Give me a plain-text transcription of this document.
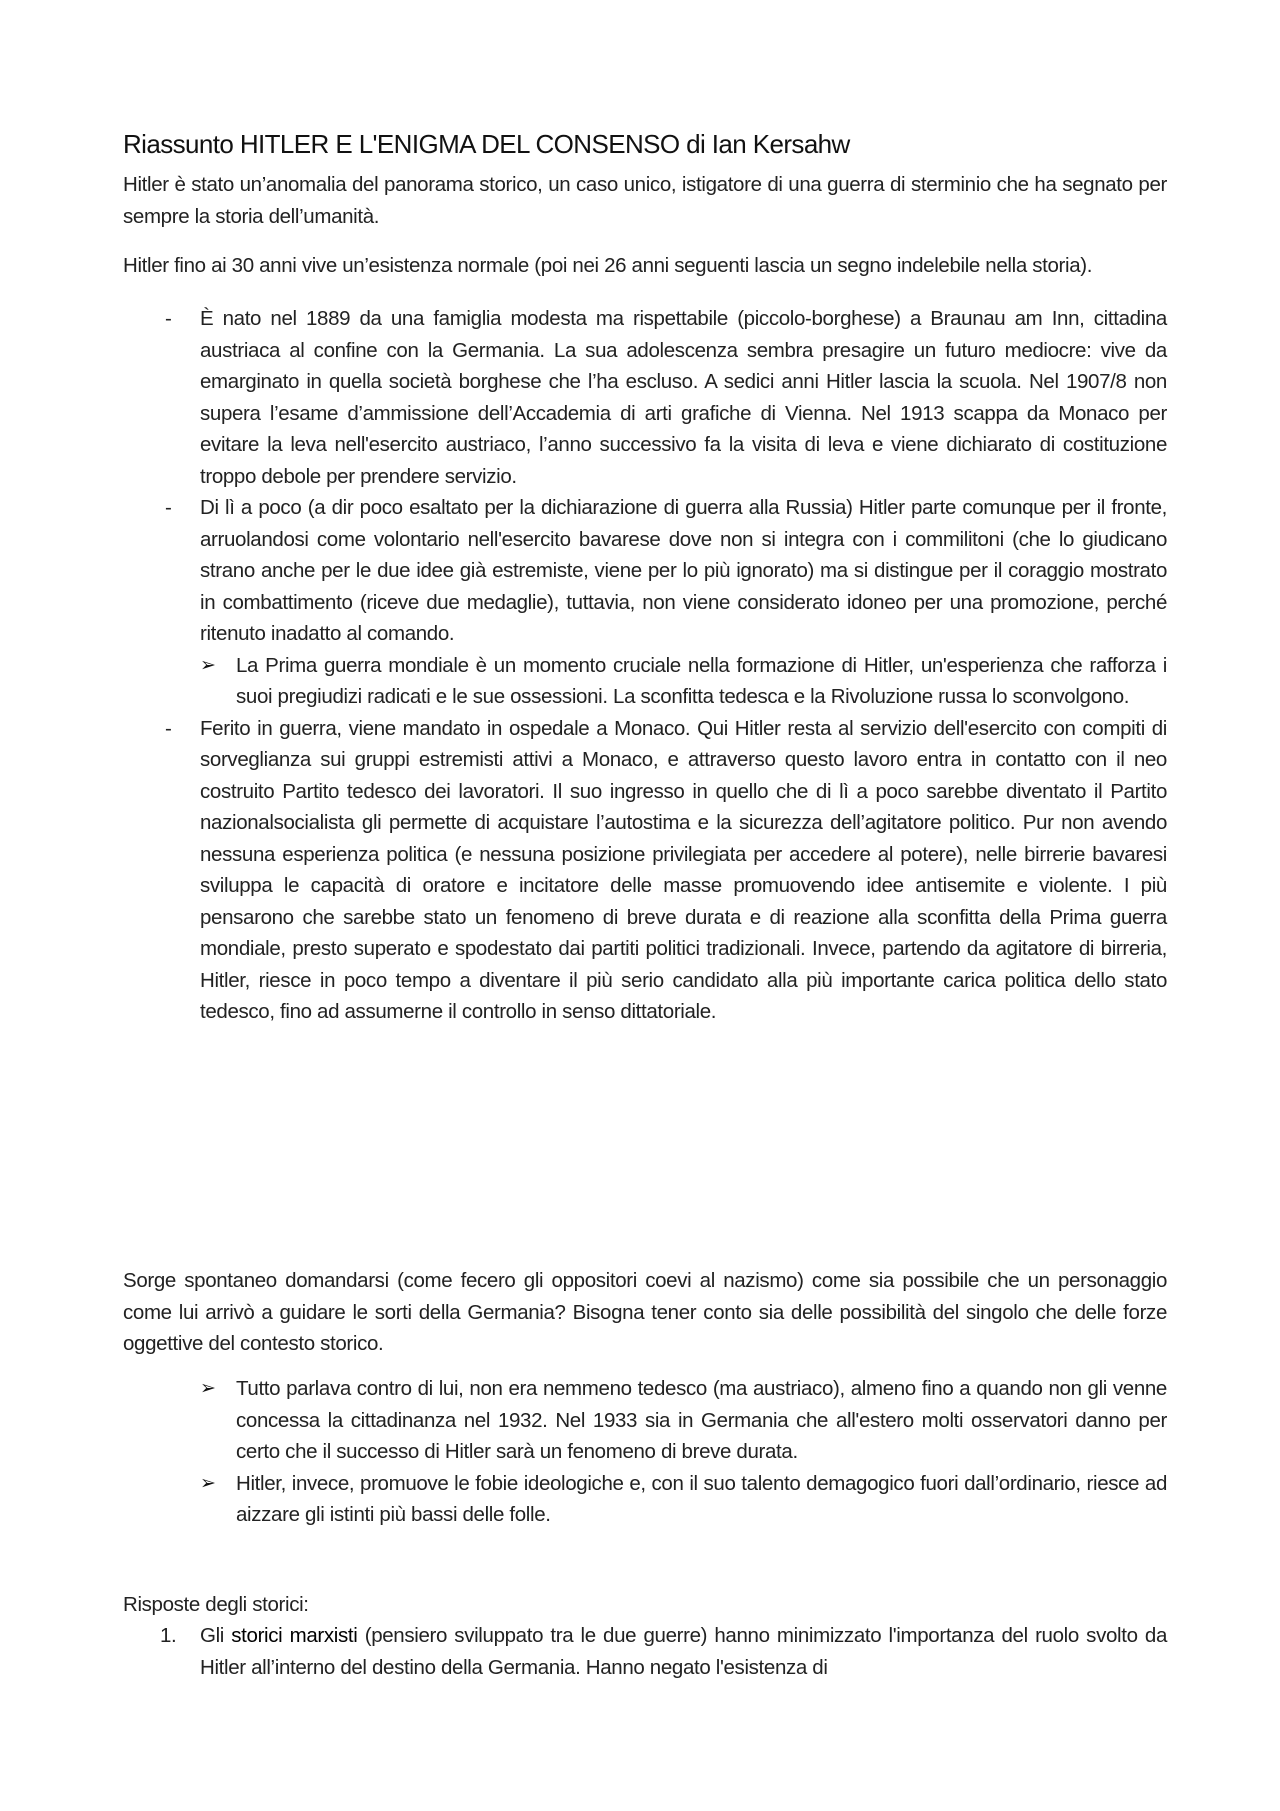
Riassunto HITLER E L'ENIGMA DEL CONSENSO di Ian Kersahw

Hitler è stato un’anomalia del panorama storico, un caso unico, istigatore di una guerra di sterminio che ha segnato per sempre la storia dell’umanità.

Hitler fino ai 30 anni vive un’esistenza normale (poi nei 26 anni seguenti lascia un segno indelebile nella storia).

- È nato nel 1889 da una famiglia modesta ma rispettabile (piccolo-borghese) a Braunau am Inn, cittadina austriaca al confine con la Germania. La sua adolescenza sembra presagire un futuro mediocre: vive da emarginato in quella società borghese che l’ha escluso. A sedici anni Hitler lascia la scuola. Nel 1907/8 non supera l’esame d’ammissione dell’Accademia di arti grafiche di Vienna. Nel 1913 scappa da Monaco per evitare la leva nell'esercito austriaco, l’anno successivo fa la visita di leva e viene dichiarato di costituzione troppo debole per prendere servizio.
- Di lì a poco (a dir poco esaltato per la dichiarazione di guerra alla Russia) Hitler parte comunque per il fronte, arruolandosi come volontario nell'esercito bavarese dove non si integra con i commilitoni (che lo giudicano strano anche per le due idee già estremiste, viene per lo più ignorato) ma si distingue per il coraggio mostrato in combattimento (riceve due medaglie), tuttavia, non viene considerato idoneo per una promozione, perché ritenuto inadatto al comando.
➢ La Prima guerra mondiale è un momento cruciale nella formazione di Hitler, un'esperienza che rafforza i suoi pregiudizi radicati e le sue ossessioni. La sconfitta tedesca e la Rivoluzione russa lo sconvolgono.
- Ferito in guerra, viene mandato in ospedale a Monaco. Qui Hitler resta al servizio dell'esercito con compiti di sorveglianza sui gruppi estremisti attivi a Monaco, e attraverso questo lavoro entra in contatto con il neo costruito Partito tedesco dei lavoratori. Il suo ingresso in quello che di lì a poco sarebbe diventato il Partito nazionalsocialista gli permette di acquistare l’autostima e la sicurezza dell’agitatore politico. Pur non avendo nessuna esperienza politica (e nessuna posizione privilegiata per accedere al potere), nelle birrerie bavaresi sviluppa le capacità di oratore e incitatore delle masse promuovendo idee antisemite e violente. I più pensarono che sarebbe stato un fenomeno di breve durata e di reazione alla sconfitta della Prima guerra mondiale, presto superato e spodestato dai partiti politici tradizionali. Invece, partendo da agitatore di birreria, Hitler, riesce in poco tempo a diventare il più serio candidato alla più importante carica politica dello stato tedesco, fino ad assumerne il controllo in senso dittatoriale.

Sorge spontaneo domandarsi (come fecero gli oppositori coevi al nazismo) come sia possibile che un personaggio come lui arrivò a guidare le sorti della Germania? Bisogna tener conto sia delle possibilità del singolo che delle forze oggettive del contesto storico.

➢ Tutto parlava contro di lui, non era nemmeno tedesco (ma austriaco), almeno fino a quando non gli venne concessa la cittadinanza nel 1932. Nel 1933 sia in Germania che all'estero molti osservatori danno per certo che il successo di Hitler sarà un fenomeno di breve durata.
➢ Hitler, invece, promuove le fobie ideologiche e, con il suo talento demagogico fuori dall’ordinario, riesce ad aizzare gli istinti più bassi delle folle.

Risposte degli storici:

1. Gli storici marxisti (pensiero sviluppato tra le due guerre) hanno minimizzato l'importanza del ruolo svolto da Hitler all’interno del destino della Germania. Hanno negato l'esistenza di
